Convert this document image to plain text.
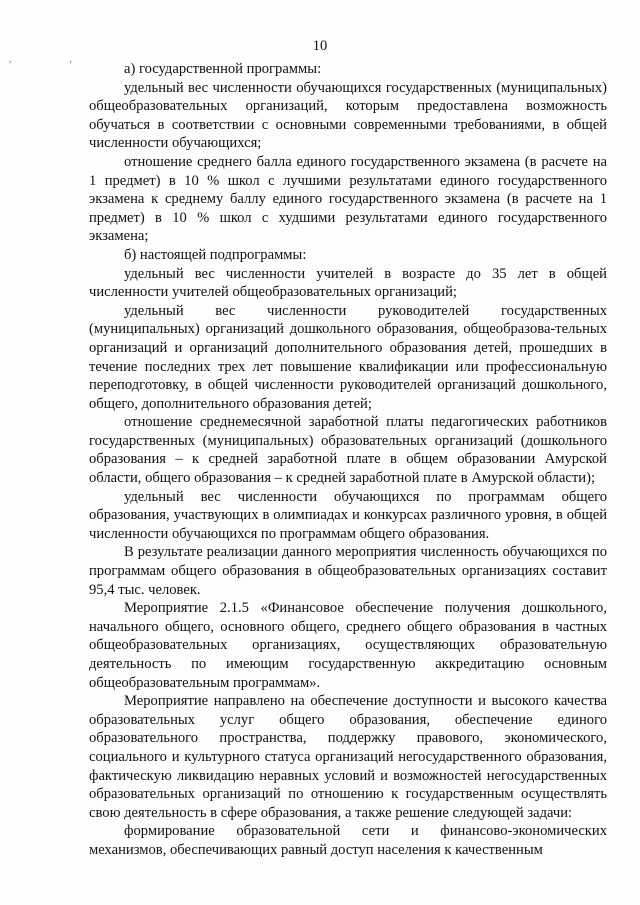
, ,
10

а) государственной программы:

удельный вес численности обучающихся государственных (муниципальных) общеобразовательных организаций, которым предоставлена возможность обучаться в соответствии с основными современными требованиями, в общей численности обучающихся;

отношение среднего балла единого государственного экзамена (в расчете на 1 предмет) в 10 % школ с лучшими результатами единого государственного экзамена к среднему баллу единого государственного экзамена (в расчете на 1 предмет) в 10 % школ с худшими результатами единого государственного экзамена;

б) настоящей подпрограммы:

удельный вес численности учителей в возрасте до 35 лет в общей численности учителей общеобразовательных организаций;

удельный вес численности руководителей государственных (муниципальных) организаций дошкольного образования, общеобразова-тельных организаций и организаций дополнительного образования детей, прошедших в течение последних трех лет повышение квалификации или профессиональную переподготовку, в общей численности руководителей организаций дошкольного, общего, дополнительного образования детей;

отношение среднемесячной заработной платы педагогических работников государственных (муниципальных) образовательных организаций (дошкольного образования – к средней заработной плате в общем образовании Амурской области, общего образования – к средней заработной плате в Амурской области);

удельный вес численности обучающихся по программам общего образования, участвующих в олимпиадах и конкурсах различного уровня, в общей численности обучающихся по программам общего образования.

В результате реализации данного мероприятия численность обучающихся по программам общего образования в общеобразовательных организациях составит 95,4 тыс. человек.

Мероприятие 2.1.5 «Финансовое обеспечение получения дошкольного, начального общего, основного общего, среднего общего образования в частных общеобразовательных организациях, осуществляющих образовательную деятельность по имеющим государственную аккредитацию основным общеобразовательным программам».

Мероприятие направлено на обеспечение доступности и высокого качества образовательных услуг общего образования, обеспечение единого образовательного пространства, поддержку правового, экономического, социального и культурного статуса организаций негосударственного образования, фактическую ликвидацию неравных условий и возможностей негосударственных образовательных организаций по отношению к государственным осуществлять свою деятельность в сфере образования, а также решение следующей задачи:

формирование образовательной сети и финансово-экономических механизмов, обеспечивающих равный доступ населения к качественным
